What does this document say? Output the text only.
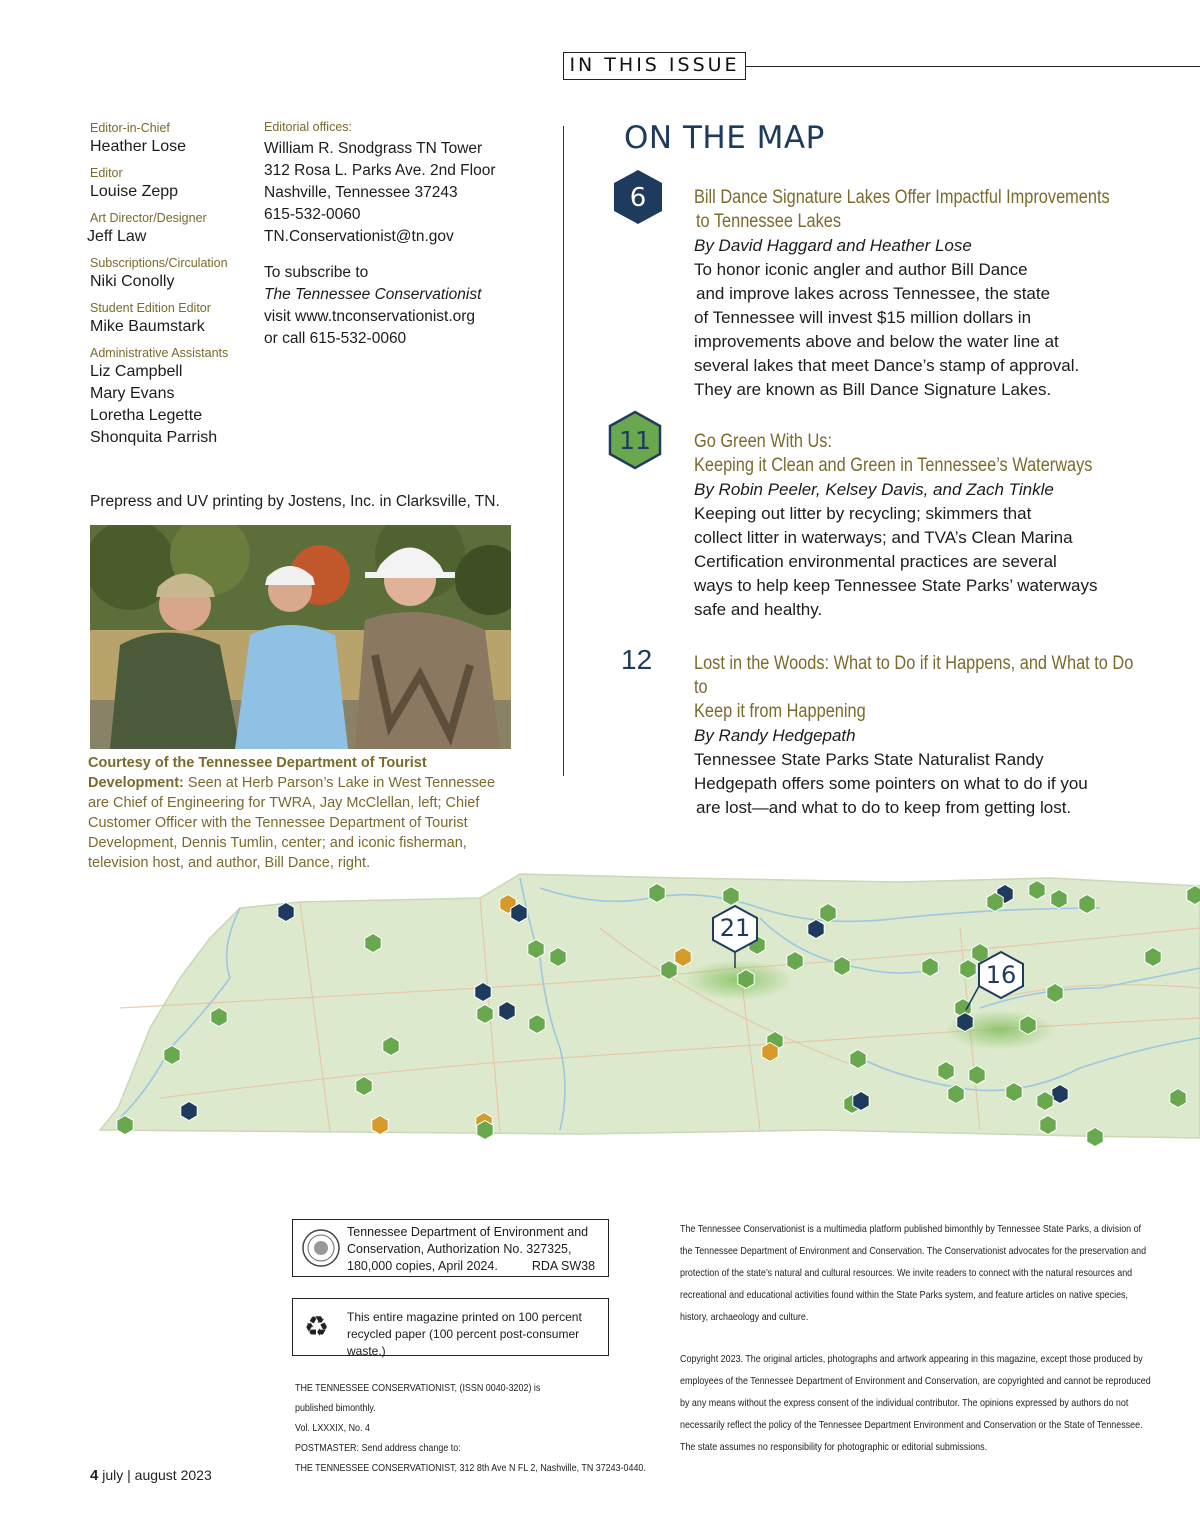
IN THIS ISSUE
Editor-in-Chief
Heather Lose
Editor
Louise Zepp
Art Director/Designer
Jeff Law
Subscriptions/Circulation
Niki Conolly
Student Edition Editor
Mike Baumstark
Administrative Assistants
Liz Campbell
Mary Evans
Loretha Legette
Shonquita Parrish
Editorial offices:
William R. Snodgrass TN Tower
312 Rosa L. Parks Ave. 2nd Floor
Nashville, Tennessee 37243
615-532-0060
TN.Conservationist@tn.gov
To subscribe to
The Tennessee Conservationist
visit www.tnconservationist.org
or call 615-532-0060
Prepress and UV printing by Jostens, Inc. in Clarksville, TN.
Courtesy of the Tennessee Department of Tourist Development: Seen at Herb Parson’s Lake in West Tennessee are Chief of Engineering for TWRA, Jay McClellan, left; Chief Customer Officer with the Tennessee Department of Tourist Development, Dennis Tumlin, center; and iconic fisherman, television host, and author, Bill Dance, right.
ON THE MAP
6	Bill Dance Signature Lakes Offer Impactful Improvements
to Tennessee Lakes
By David Haggard and Heather Lose
To honor iconic angler and author Bill Dance
and improve lakes across Tennessee, the state
of Tennessee will invest $15 million dollars in
improvements above and below the water line at
several lakes that meet Dance’s stamp of approval.
They are known as Bill Dance Signature Lakes.
11 Go Green With Us:
Keeping it Clean and Green in Tennessee’s Waterways
By Robin Peeler, Kelsey Davis, and Zach Tinkle
Keeping out litter by recycling; skimmers that
collect litter in waterways; and TVA’s Clean Marina
Certification environmental practices are several
ways to help keep Tennessee State Parks’ waterways
safe and healthy.
12 Lost in the Woods: What to Do if it Happens, and What to Do to
Keep it from Happening
By Randy Hedgepath
Tennessee State Parks State Naturalist Randy
Hedgepath offers some pointers on what to do if you
are lost—and what to do to keep from getting lost.
21
16
Tennessee Department of Environment and
Conservation, Authorization No. 327325,
180,000 copies, April 2024.	RDA SW38
♻ This entire magazine printed on 100 percent
recycled paper (100 percent post-consumer waste.)
THE TENNESSEE CONSERVATIONIST, (ISSN 0040-3202) is published bimonthly.
Vol. LXXXIX, No. 4
POSTMASTER: Send address change to:
THE TENNESSEE CONSERVATIONIST, 312 8th Ave N FL 2, Nashville, TN 37243-0440.
The Tennessee Conservationist is a multimedia platform published bimonthly by Tennessee State Parks, a division of
the Tennessee Department of Environment and Conservation. The Conservationist advocates for the preservation and
protection of the state’s natural and cultural resources. We invite readers to connect with the natural resources and
recreational and educational activities found within the State Parks system, and feature articles on native species,
history, archaeology and culture.
Copyright 2023. The original articles, photographs and artwork appearing in this magazine, except those produced by
employees of the Tennessee Department of Environment and Conservation, are copyrighted and cannot be reproduced
by any means without the express consent of the individual contributor. The opinions expressed by authors do not
necessarily reflect the policy of the Tennessee Department Environment and Conservation or the State of Tennessee.
The state assumes no responsibility for photographic or editorial submissions.
4 july | august 2023
